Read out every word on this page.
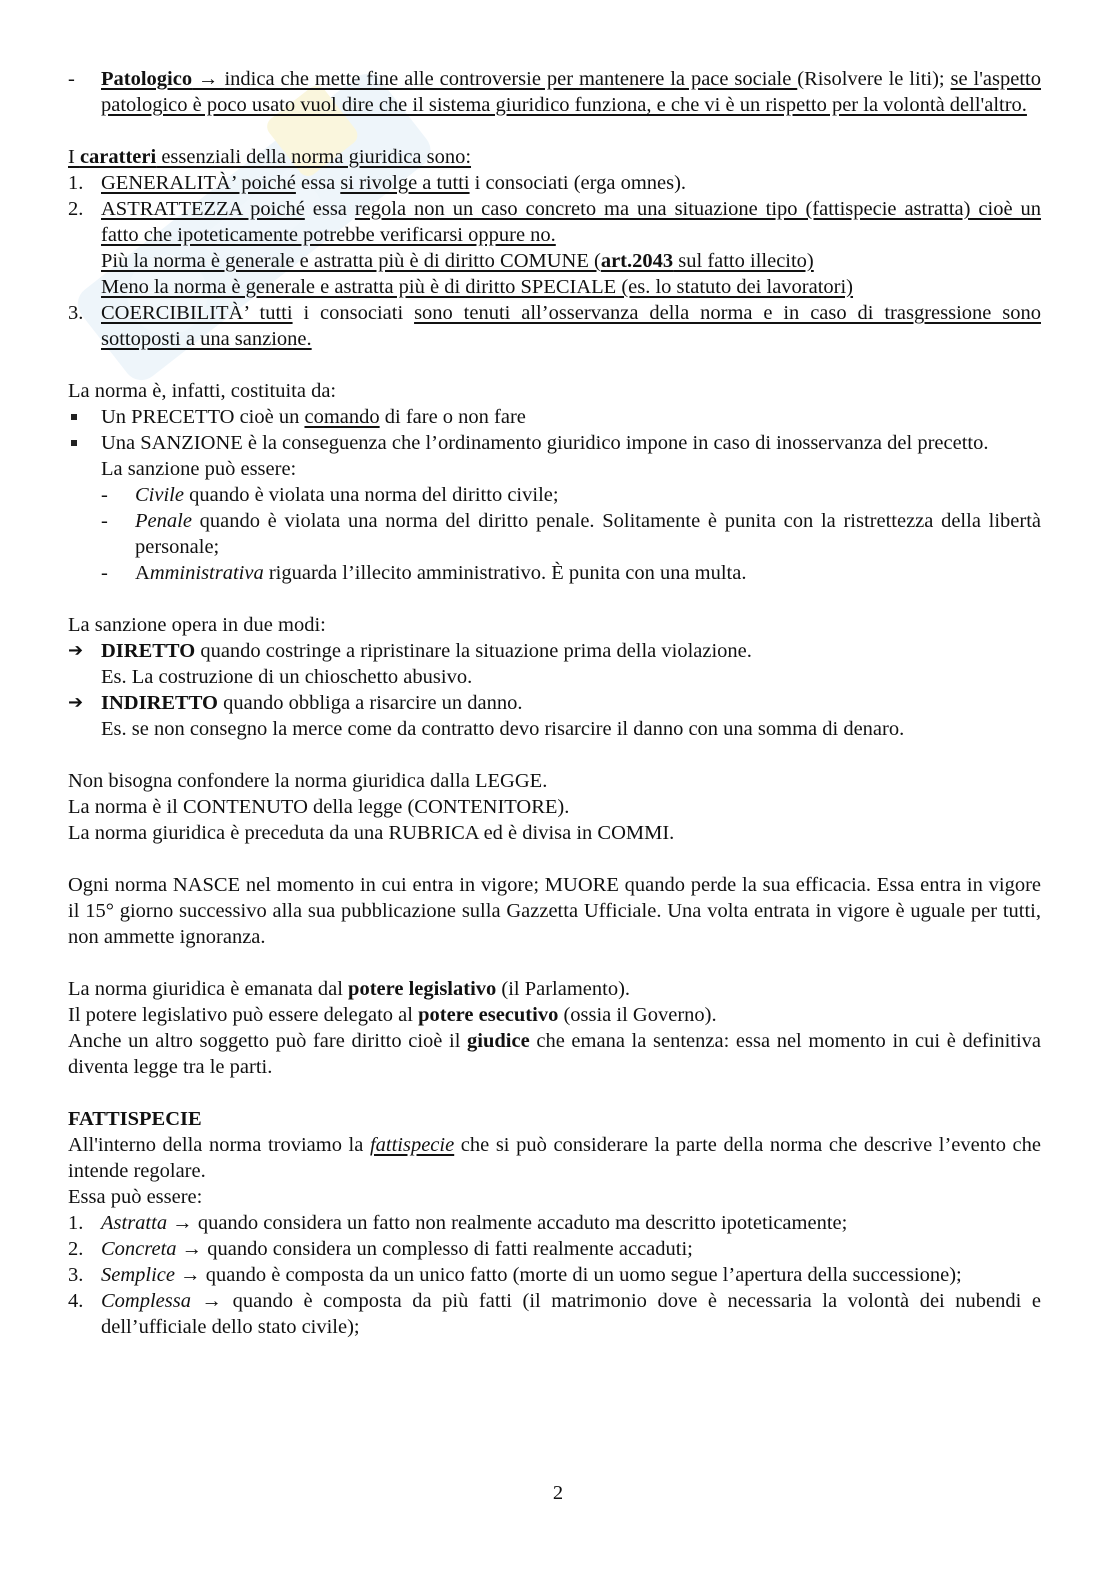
- Patologico → indica che mette fine alle controversie per mantenere la pace sociale (Risolvere le liti); se l'aspetto patologico è poco usato vuol dire che il sistema giuridico funziona, e che vi è un rispetto per la volontà dell'altro.

I caratteri essenziali della norma giuridica sono:

1. GENERALITÀ’ poiché essa si rivolge a tutti i consociati (erga omnes).
2. ASTRATTEZZA poiché essa regola non un caso concreto ma una situazione tipo (fattispecie astratta) cioè un fatto che ipoteticamente potrebbe verificarsi oppure no.

Più la norma è generale e astratta più è di diritto COMUNE (art.2043 sul fatto illecito)

Meno la norma è generale e astratta più è di diritto SPECIALE (es. lo statuto dei lavoratori)

3. COERCIBILITÀ’ tutti i consociati sono tenuti all’osservanza della norma e in caso di trasgressione sono sottoposti a una sanzione.

La norma è, infatti, costituita da:

Un PRECETTO cioè un comando di fare o non fare
Una SANZIONE è la conseguenza che l’ordinamento giuridico impone in caso di inosservanza del precetto.

La sanzione può essere:

- Civile quando è violata una norma del diritto civile;
- Penale quando è violata una norma del diritto penale. Solitamente è punita con la ristrettezza della libertà personale;
- Amministrativa riguarda l’illecito amministrativo. È punita con una multa.

La sanzione opera in due modi:

➔ DIRETTO quando costringe a ripristinare la situazione prima della violazione.

Es. La costruzione di un chioschetto abusivo.

➔ INDIRETTO quando obbliga a risarcire un danno.

Es. se non consegno la merce come da contratto devo risarcire il danno con una somma di denaro.

Non bisogna confondere la norma giuridica dalla LEGGE.

La norma è il CONTENUTO della legge (CONTENITORE).

La norma giuridica è preceduta da una RUBRICA ed è divisa in COMMI.

Ogni norma NASCE nel momento in cui entra in vigore; MUORE quando perde la sua efficacia. Essa entra in vigore il 15° giorno successivo alla sua pubblicazione sulla Gazzetta Ufficiale. Una volta entrata in vigore è uguale per tutti, non ammette ignoranza.

La norma giuridica è emanata dal potere legislativo (il Parlamento).

Il potere legislativo può essere delegato al potere esecutivo (ossia il Governo).

Anche un altro soggetto può fare diritto cioè il giudice che emana la sentenza: essa nel momento in cui è definitiva diventa legge tra le parti.

FATTISPECIE

All'interno della norma troviamo la fattispecie che si può considerare la parte della norma che descrive l’evento che intende regolare.

Essa può essere:

1. Astratta → quando considera un fatto non realmente accaduto ma descritto ipoteticamente;
2. Concreta → quando considera un complesso di fatti realmente accaduti;
3. Semplice → quando è composta da un unico fatto (morte di un uomo segue l’apertura della successione);
4. Complessa → quando è composta da più fatti (il matrimonio dove è necessaria la volontà dei nubendi e dell’ufficiale dello stato civile);
2
